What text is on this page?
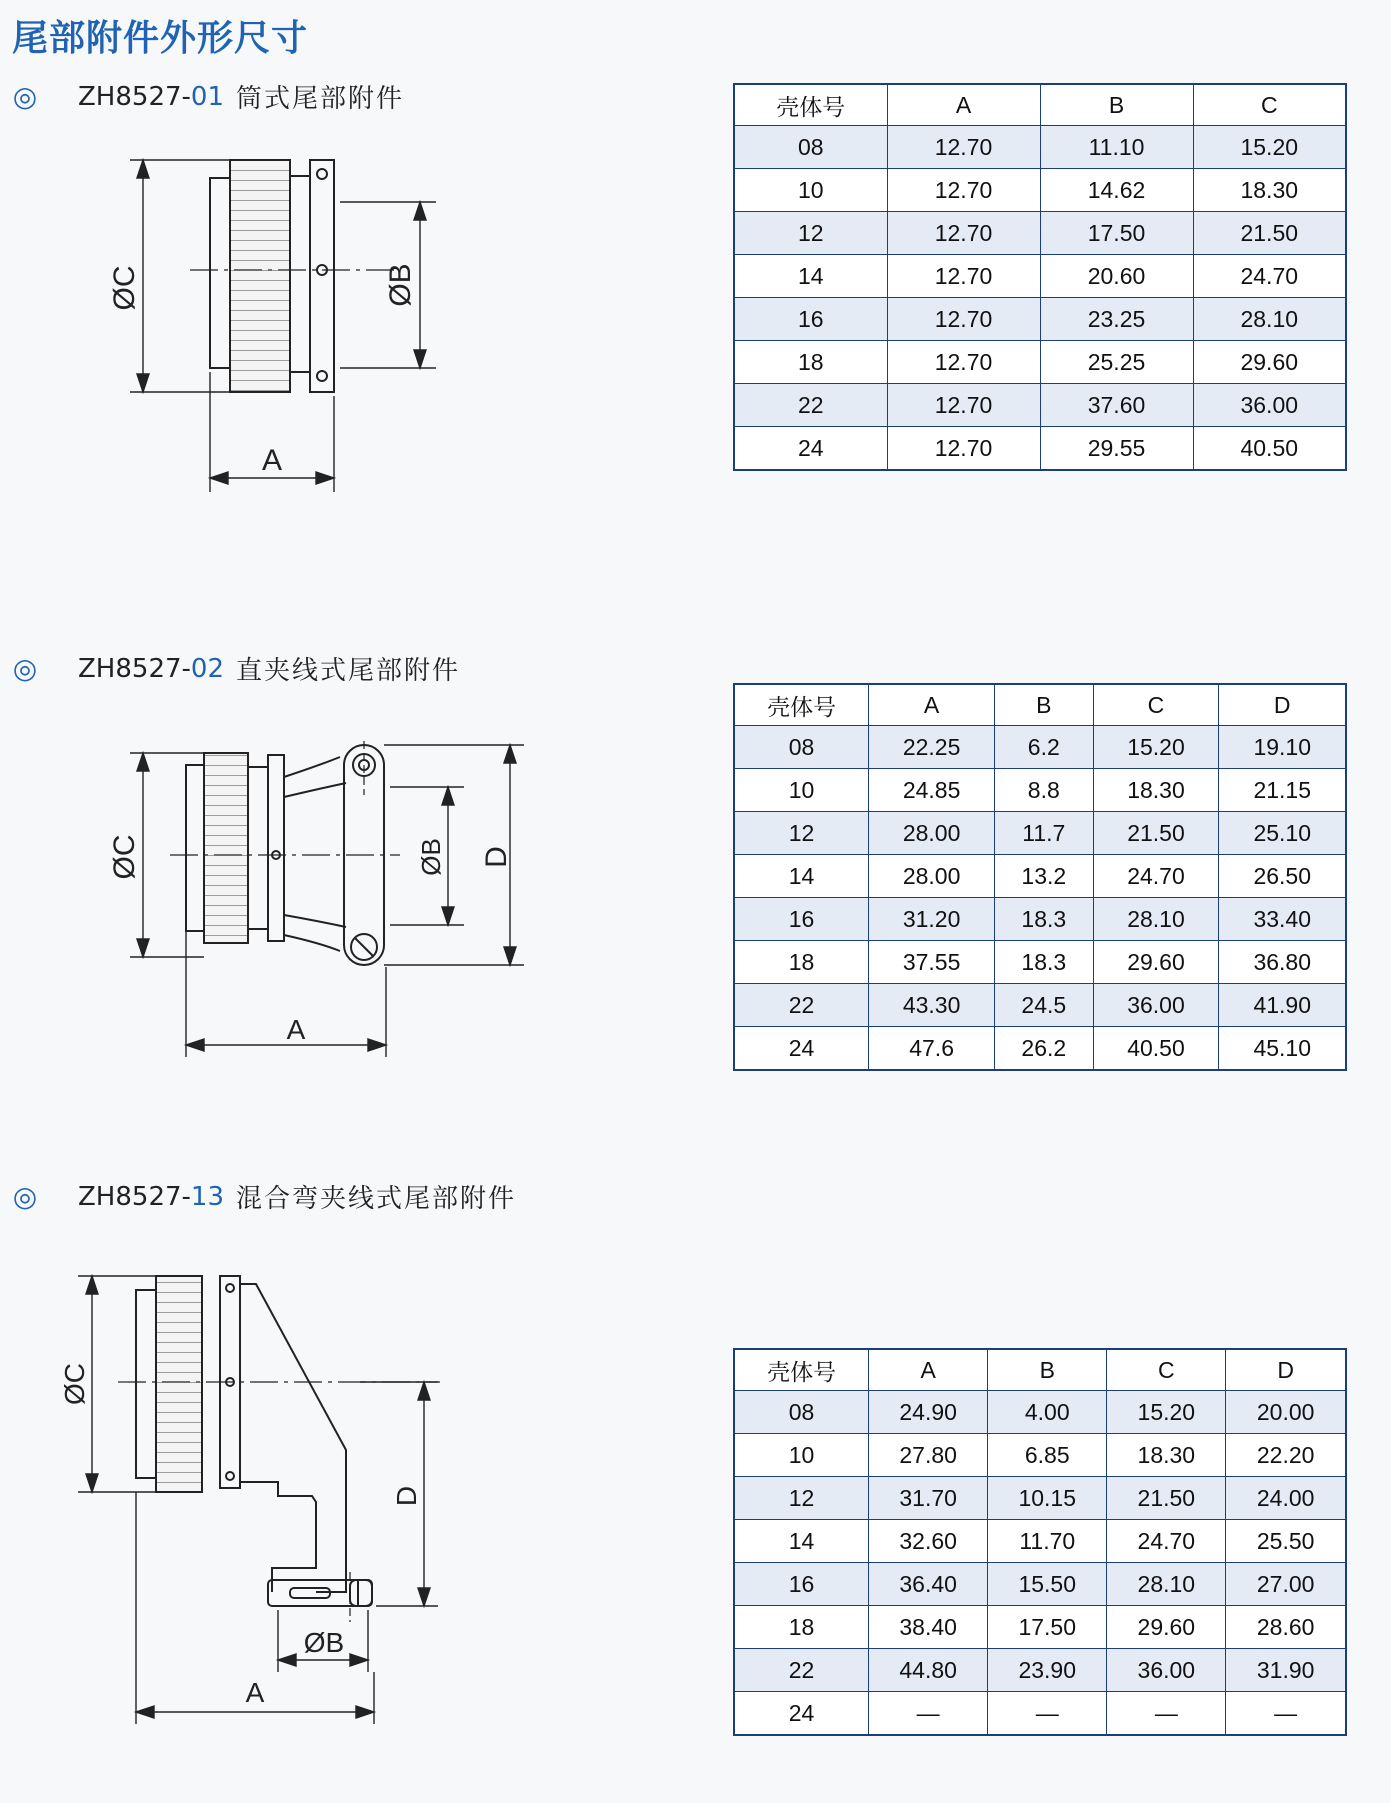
尾部附件外形尺寸
◎ ZH8527- 01 筒式尾部附件
◎ ZH8527- 02 直夹线式尾部附件
◎ ZH8527- 13 混合弯夹线式尾部附件
ØC	ØB
A
ØC	ØB D
A
ØC
D
ØB
A
壳体号	A	B	C
08	12.70	11.10	15.20
10	12.70	14.62	18.30
12	12.70	17.50	21.50
14	12.70	20.60	24.70
16	12.70	23.25	28.10
18	12.70	25.25	29.60
22	12.70	37.60	36.00
24	12.70	29.55	40.50
壳体号	A	B	C	D
08	22.25	6.2	15.20	19.10
10	24.85	8.8	18.30	21.15
12	28.00	11.7	21.50	25.10
14	28.00	13.2	24.70	26.50
16	31.20	18.3	28.10	33.40
18	37.55	18.3	29.60	36.80
22	43.30	24.5	36.00	41.90
24	47.6	26.2	40.50	45.10
壳体号	A	B	C	D
08	24.90	4.00	15.20	20.00
10	27.80	6.85	18.30	22.20
12	31.70	10.15	21.50	24.00
14	32.60	11.70	24.70	25.50
16	36.40	15.50	28.10	27.00
18	38.40	17.50	29.60	28.60
22	44.80	23.90	36.00	31.90
24	—	—	—	—
